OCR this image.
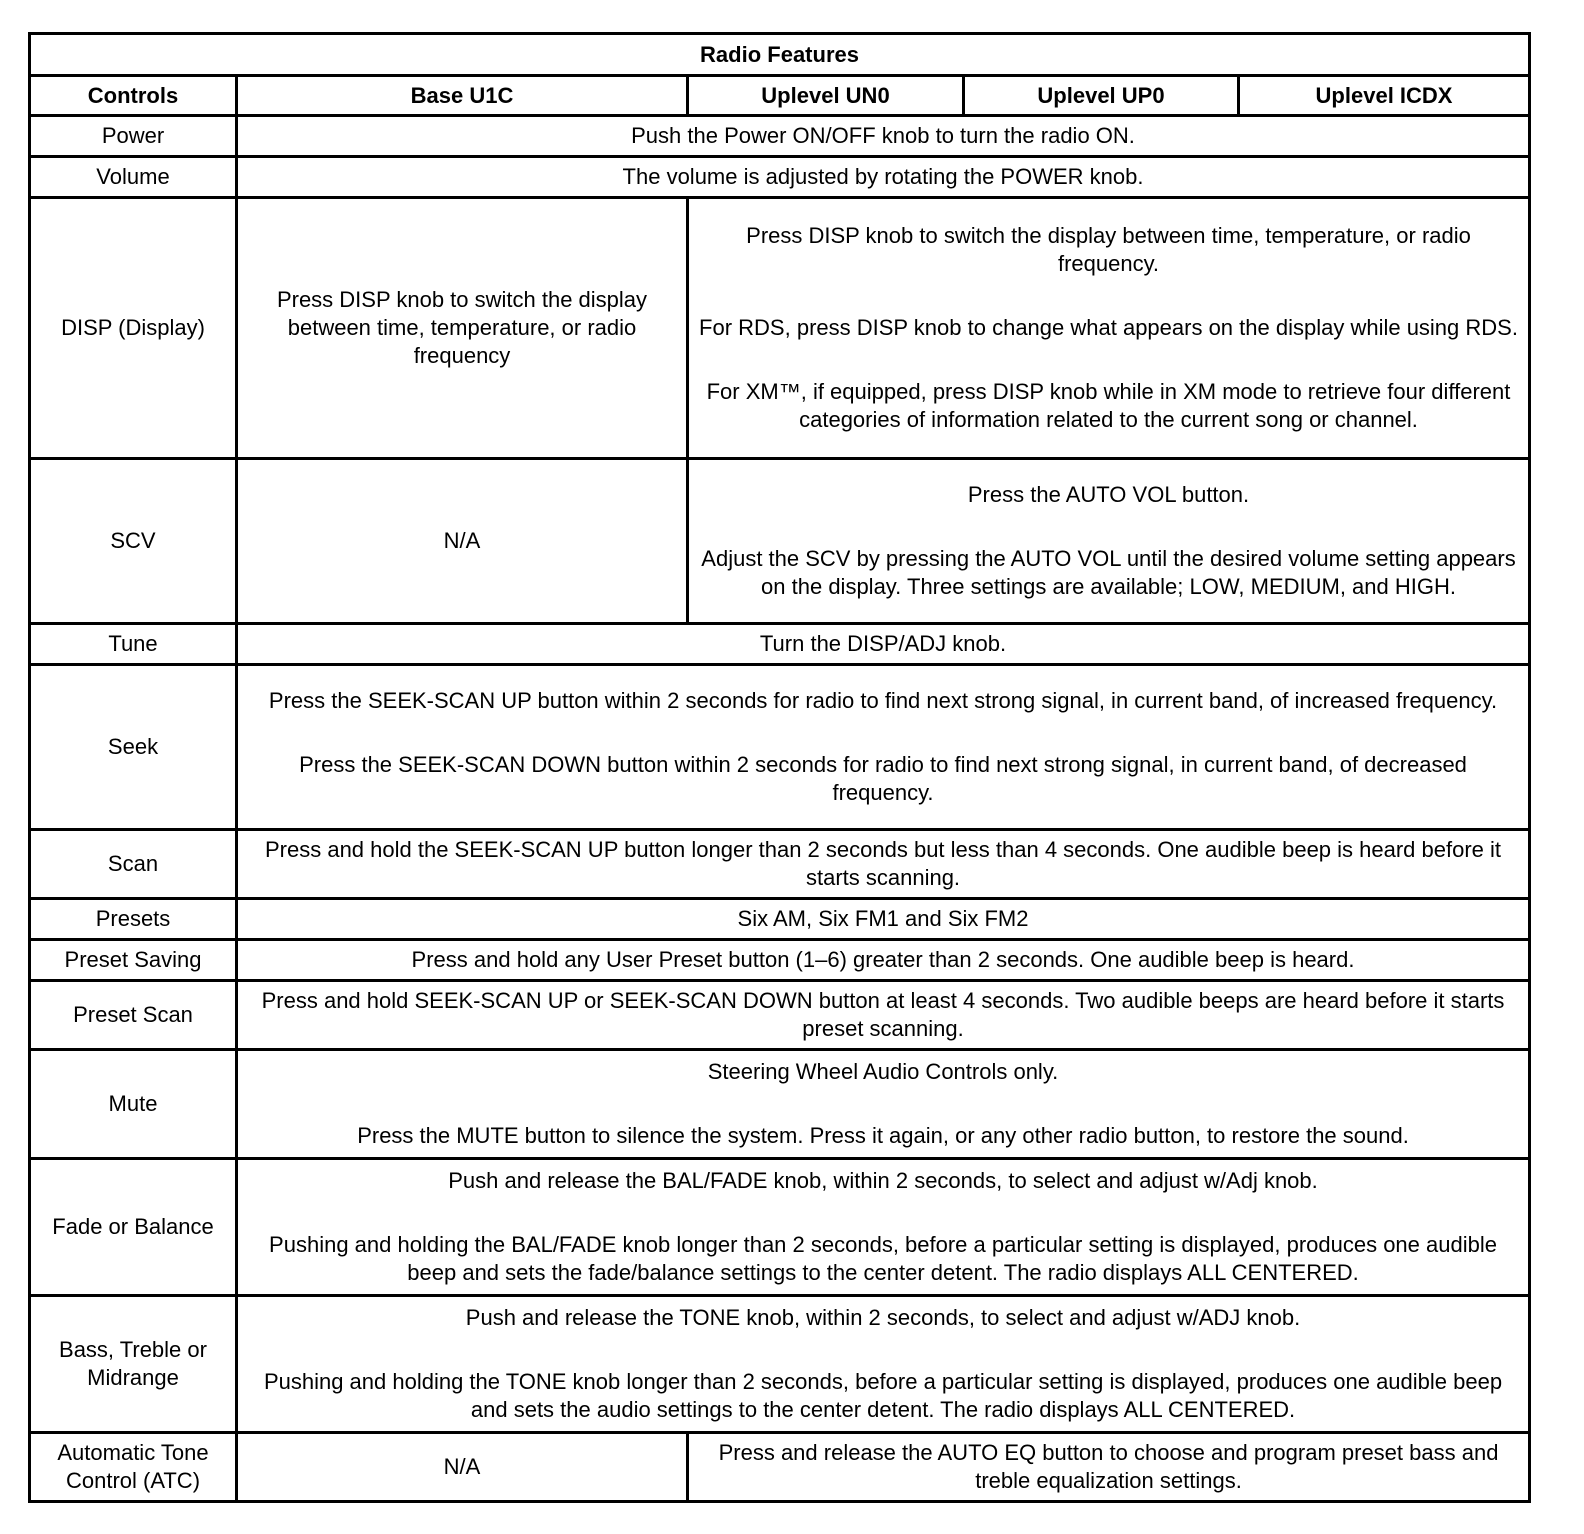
Radio Features				
Controls	Base U1C	Uplevel UN0	Uplevel UP0	Uplevel ICDX
Power	Push the Power ON/OFF knob to turn the radio ON.			
Volume	The volume is adjusted by rotating the POWER knob.			
DISP (Display)	Press DISP knob to switch the display between time, temperature, or radio frequency	Press DISP knob to switch the display between time, temperature, or radio frequency.

For RDS, press DISP knob to change what appears on the display while using RDS.

For XM™, if equipped, press DISP knob while in XM mode to retrieve four different categories of information related to the current song or channel.		

SCV	N/A	Press the AUTO VOL button.

Adjust the SCV by pressing the AUTO VOL until the desired volume setting appears on the display. Three settings are available; LOW, MEDIUM, and HIGH.		

Tune	Turn the DISP/ADJ knob.			
Seek	Press the SEEK-SCAN UP button within 2 seconds for radio to find next strong signal, in current band, of increased frequency.

Press the SEEK-SCAN DOWN button within 2 seconds for radio to find next strong signal, in current band, of decreased frequency.			

Scan	Press and hold the SEEK-SCAN UP button longer than 2 seconds but less than 4 seconds. One audible beep is heard before it starts scanning.			
Presets	Six AM, Six FM1 and Six FM2			
Preset Saving	Press and hold any User Preset button (1–6) greater than 2 seconds. One audible beep is heard.			
Preset Scan	Press and hold SEEK-SCAN UP or SEEK-SCAN DOWN button at least 4 seconds. Two audible beeps are heard before it starts preset scanning.			
Mute	Steering Wheel Audio Controls only.

Press the MUTE button to silence the system. Press it again, or any other radio button, to restore the sound.			

Fade or Balance	Push and release the BAL/FADE knob, within 2 seconds, to select and adjust w/Adj knob.

Pushing and holding the BAL/FADE knob longer than 2 seconds, before a particular setting is displayed, produces one audible beep and sets the fade/balance settings to the center detent. The radio displays ALL CENTERED.			

Bass, Treble or Midrange	Push and release the TONE knob, within 2 seconds, to select and adjust w/ADJ knob.

Pushing and holding the TONE knob longer than 2 seconds, before a particular setting is displayed, produces one audible beep and sets the audio settings to the center detent. The radio displays ALL CENTERED.			

Automatic Tone Control (ATC)	N/A	Press and release the AUTO EQ button to choose and program preset bass and treble equalization settings.		
